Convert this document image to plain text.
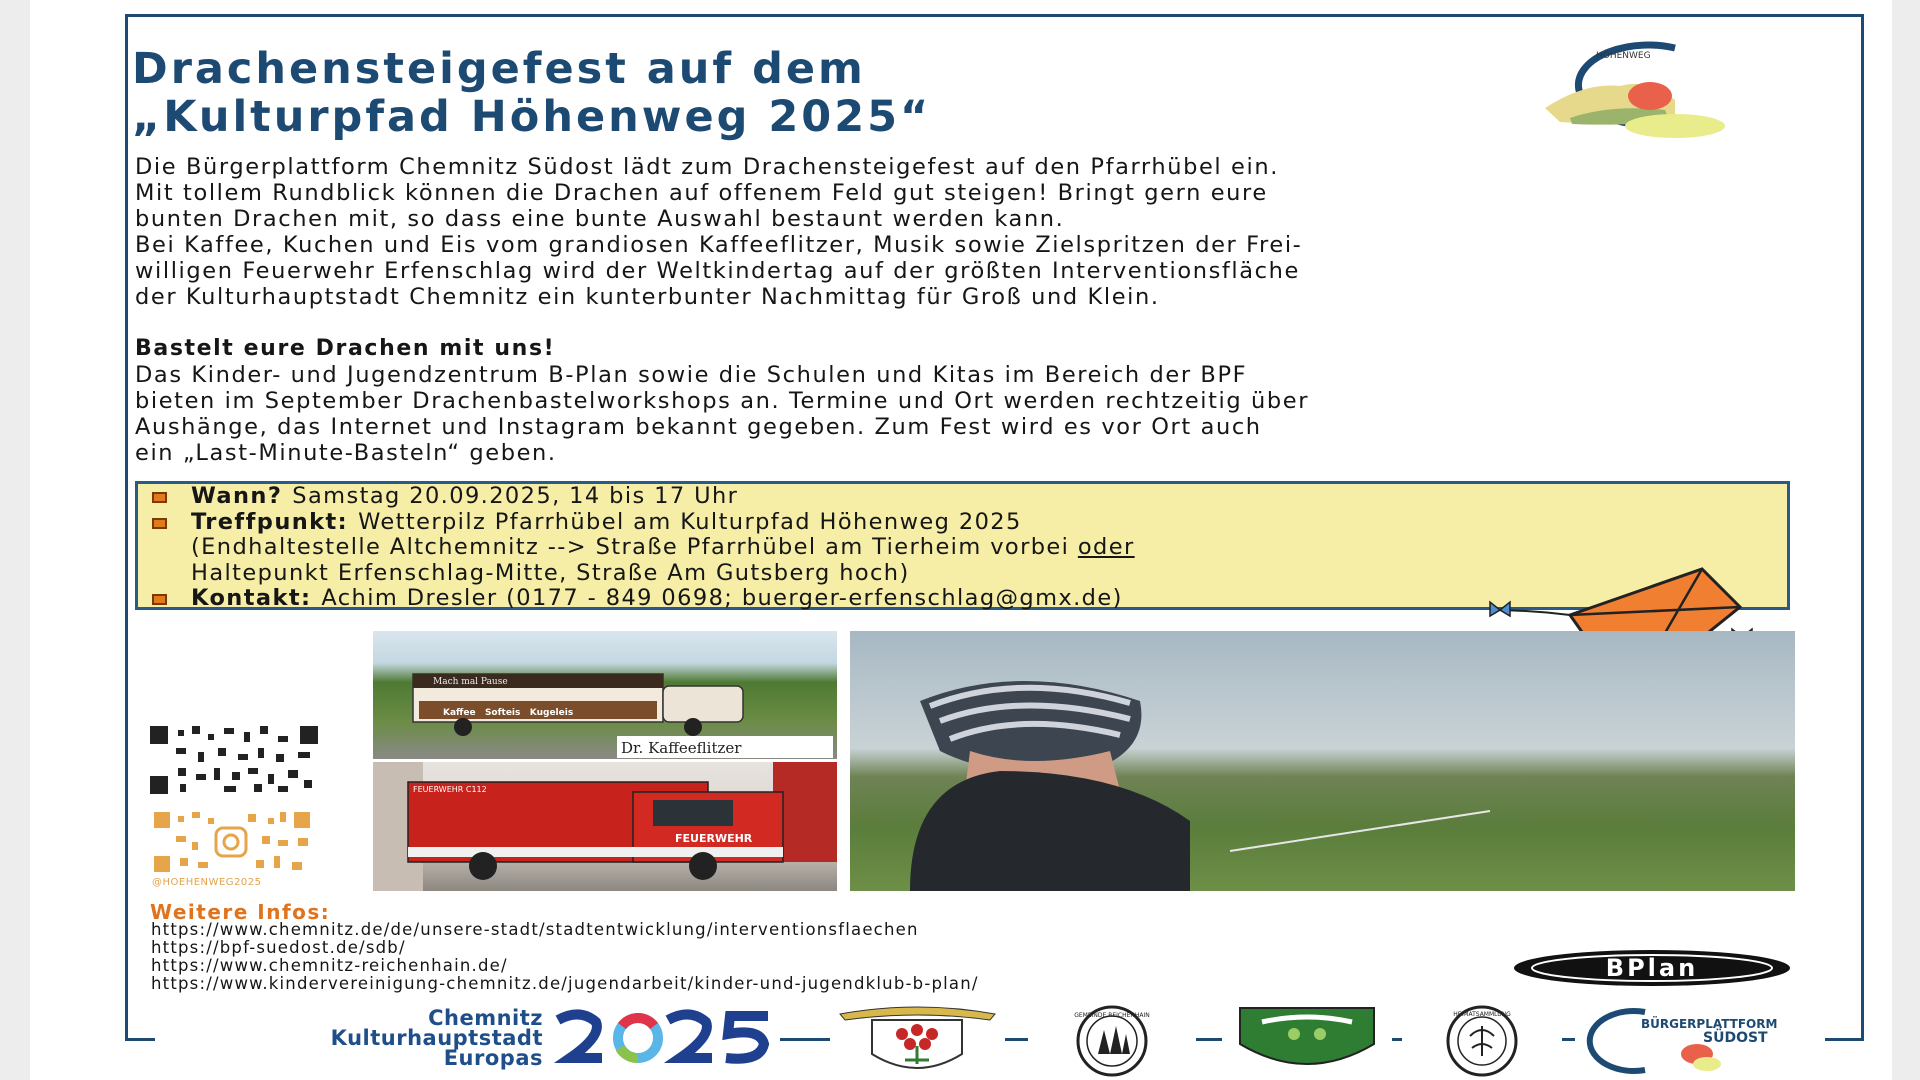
HÖHENWEG
Drachensteigefest auf dem
„Kulturpfad Höhenweg 2025“
Die Bürgerplattform Chemnitz Südost lädt zum Drachensteigefest auf den Pfarrhübel ein.
Mit tollem Rundblick können die Drachen auf offenem Feld gut steigen! Bringt gern eure
bunten Drachen mit, so dass eine bunte Auswahl bestaunt werden kann.
Bei Kaffee, Kuchen und Eis vom grandiosen Kaffeeflitzer, Musik sowie Zielspritzen der Frei-
willigen Feuerwehr Erfenschlag wird der Weltkindertag auf der größten Interventionsfläche
der Kulturhauptstadt Chemnitz ein kunterbunter Nachmittag für Groß und Klein.
Bastelt eure Drachen mit uns!
Das Kinder- und Jugendzentrum B-Plan sowie die Schulen und Kitas im Bereich der BPF
bieten im September Drachenbastelworkshops an. Termine und Ort werden rechtzeitig über
Aushänge, das Internet und Instagram bekannt gegeben. Zum Fest wird es vor Ort auch
ein „Last-Minute-Basteln“ geben.
Wann? Samstag 20.09.2025, 14 bis 17 Uhr
Treffpunkt: Wetterpilz Pfarrhübel am Kulturpfad Höhenweg 2025
(Endhaltestelle Altchemnitz --> Straße Pfarrhübel am Tierheim vorbei oder
Haltepunkt Erfenschlag-Mitte, Straße Am Gutsberg hoch)
Kontakt: Achim Dresler (0177 - 849 0698; buerger-erfenschlag@gmx.de)
Mach mal Pause
Kaffee   Softeis   Kugeleis
Dr. Kaffeeflitzer
FEUERWEHR C112
FEUERWEHR
@HOEHENWEG2025
Weitere Infos:
https://www.chemnitz.de/de/unsere-stadt/stadtentwicklung/interventionsflaechen
https://bpf-suedost.de/sdb/
https://www.chemnitz-reichenhain.de/
https://www.kindervereinigung-chemnitz.de/jugendarbeit/kinder-und-jugendklub-b-plan/
BPlan
Chemnitz
Kulturhauptstadt
Europas
GEMEINDE REICHENHAIN	HEIMATSAMMLUNG
BÜRGERPLATTFORM
SÜDOST
